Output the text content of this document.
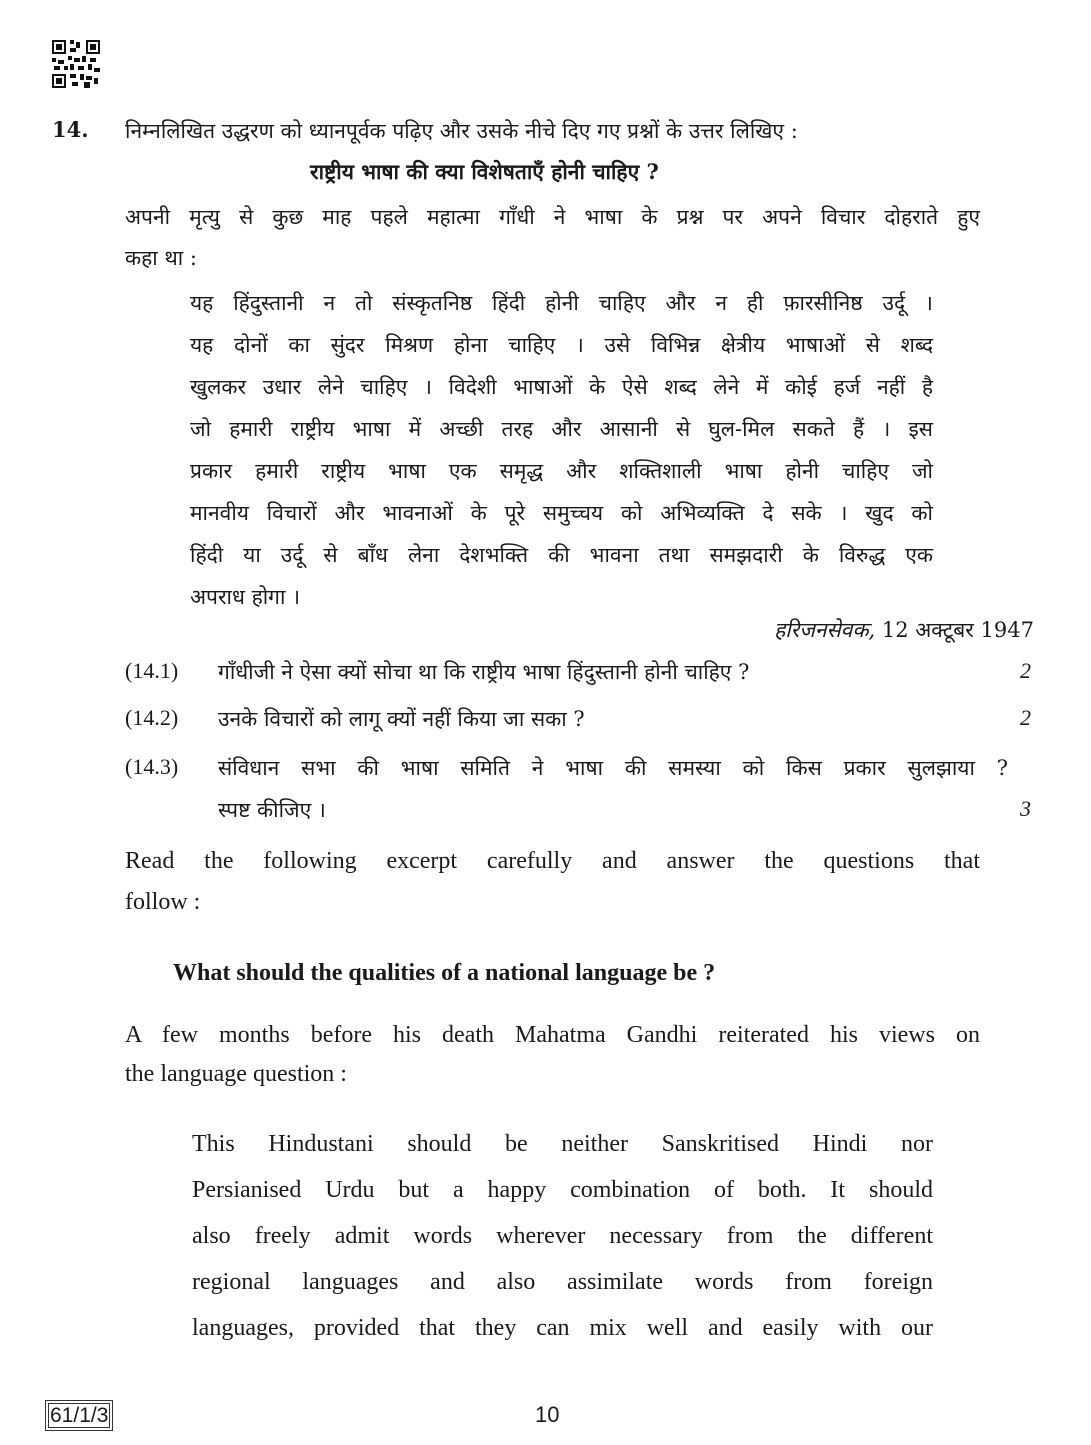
14. निम्नलिखित उद्धरण को ध्यानपूर्वक पढ़िए और उसके नीचे दिए गए प्रश्नों के उत्तर लिखिए :
राष्ट्रीय भाषा की क्या विशेषताएँ होनी चाहिए ?
अपनी मृत्यु से कुछ माह पहले महात्मा गाँधी ने भाषा के प्रश्न पर अपने विचार दोहराते हुए
कहा था :
यह हिंदुस्तानी न तो संस्कृतनिष्ठ हिंदी होनी चाहिए और न ही फ़ारसीनिष्ठ उर्दू ।
यह दोनों का सुंदर मिश्रण होना चाहिए । उसे विभिन्न क्षेत्रीय भाषाओं से शब्द
खुलकर उधार लेने चाहिए । विदेशी भाषाओं के ऐसे शब्द लेने में कोई हर्ज नहीं है
जो हमारी राष्ट्रीय भाषा में अच्छी तरह और आसानी से घुल-मिल सकते हैं । इस
प्रकार हमारी राष्ट्रीय भाषा एक समृद्ध और शक्तिशाली भाषा होनी चाहिए जो
मानवीय विचारों और भावनाओं के पूरे समुच्चय को अभिव्यक्ति दे सके । खुद को
हिंदी या उर्दू से बाँध लेना देशभक्ति की भावना तथा समझदारी के विरुद्ध एक
अपराध होगा ।
हरिजनसेवक, 12 अक्टूबर 1947
(14.1) गाँधीजी ने ऐसा क्यों सोचा था कि राष्ट्रीय भाषा हिंदुस्तानी होनी चाहिए ?	2
(14.2) उनके विचारों को लागू क्यों नहीं किया जा सका ?	2
(14.3) संविधान सभा की भाषा समिति ने भाषा की समस्या को किस प्रकार सुलझाया ?
स्पष्ट कीजिए ।	3
Read the following excerpt carefully and answer the questions that
follow :
What should the qualities of a national language be ?
A few months before his death Mahatma Gandhi reiterated his views on
the language question :
This Hindustani should be neither Sanskritised Hindi nor
Persianised Urdu but a happy combination of both. It should
also freely admit words wherever necessary from the different
regional languages and also assimilate words from foreign
languages, provided that they can mix well and easily with our
61/1/3	10
